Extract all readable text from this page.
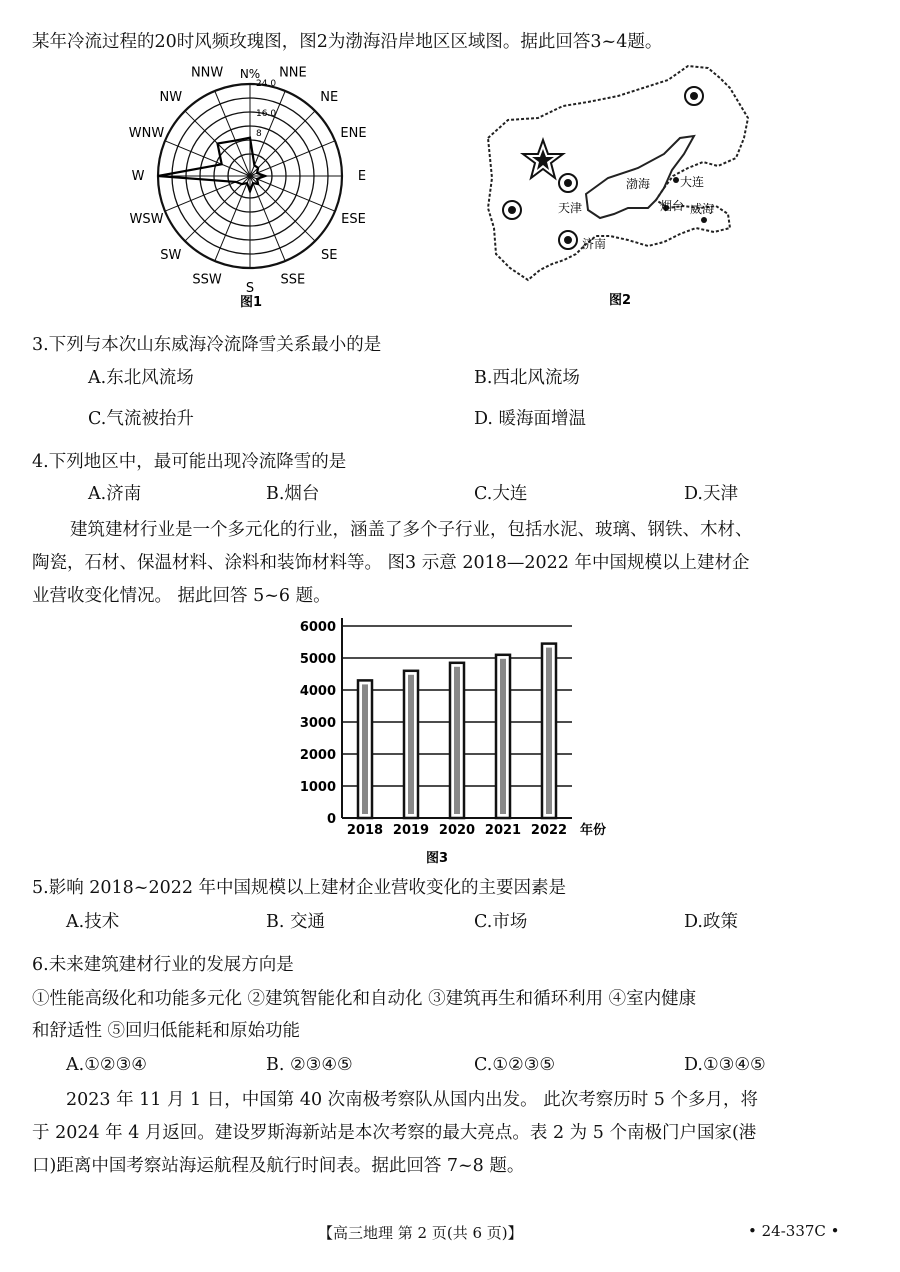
某年冷流过程的20时风频玫瑰图，图2为渤海沿岸地区区域图。据此回答3~4题。
24.0
16.0
8
N% NNE
NE
ENE
E
ESE
SE
SSE
S
SSW
SW
WSW
W
WNW
NW
NNW
图1
渤海 大连
天津	烟台 威海
济南
图2
3.下列与本次山东威海冷流降雪关系最小的是
A.东北风流场	B.西北风流场
C.气流被抬升	D. 暖海面增温
4.下列地区中，最可能出现冷流降雪的是
A.济南	B.烟台	C.大连	D.天津
建筑建材行业是一个多元化的行业，涵盖了多个子行业，包括水泥、玻璃、钢铁、木材、
陶瓷，石材、保温材料、涂料和装饰材料等。 图3 示意 2018—2022 年中国规模以上建材企
业营收变化情况。 据此回答 5~6 题。
0
1000
2000
3000
4000
5000
6000
2018 2019 2020 2021 2022 年份
图3
5.影响 2018~2022 年中国规模以上建材企业营收变化的主要因素是
A.技术	B. 交通	C.市场	D.政策
6.未来建筑建材行业的发展方向是
①性能高级化和功能多元化 ②建筑智能化和自动化 ③建筑再生和循环利用 ④室内健康
和舒适性 ⑤回归低能耗和原始功能
A.①②③④	B. ②③④⑤	C.①②③⑤	D.①③④⑤
2023 年 11 月 1 日，中国第 40 次南极考察队从国内出发。 此次考察历时 5 个多月，将
于 2024 年 4 月返回。建设罗斯海新站是本次考察的最大亮点。表 2 为 5 个南极门户国家(港
口)距离中国考察站海运航程及航行时间表。据此回答 7~8 题。
【高三地理 第 2 页(共 6 页)】	• 24-337C •
